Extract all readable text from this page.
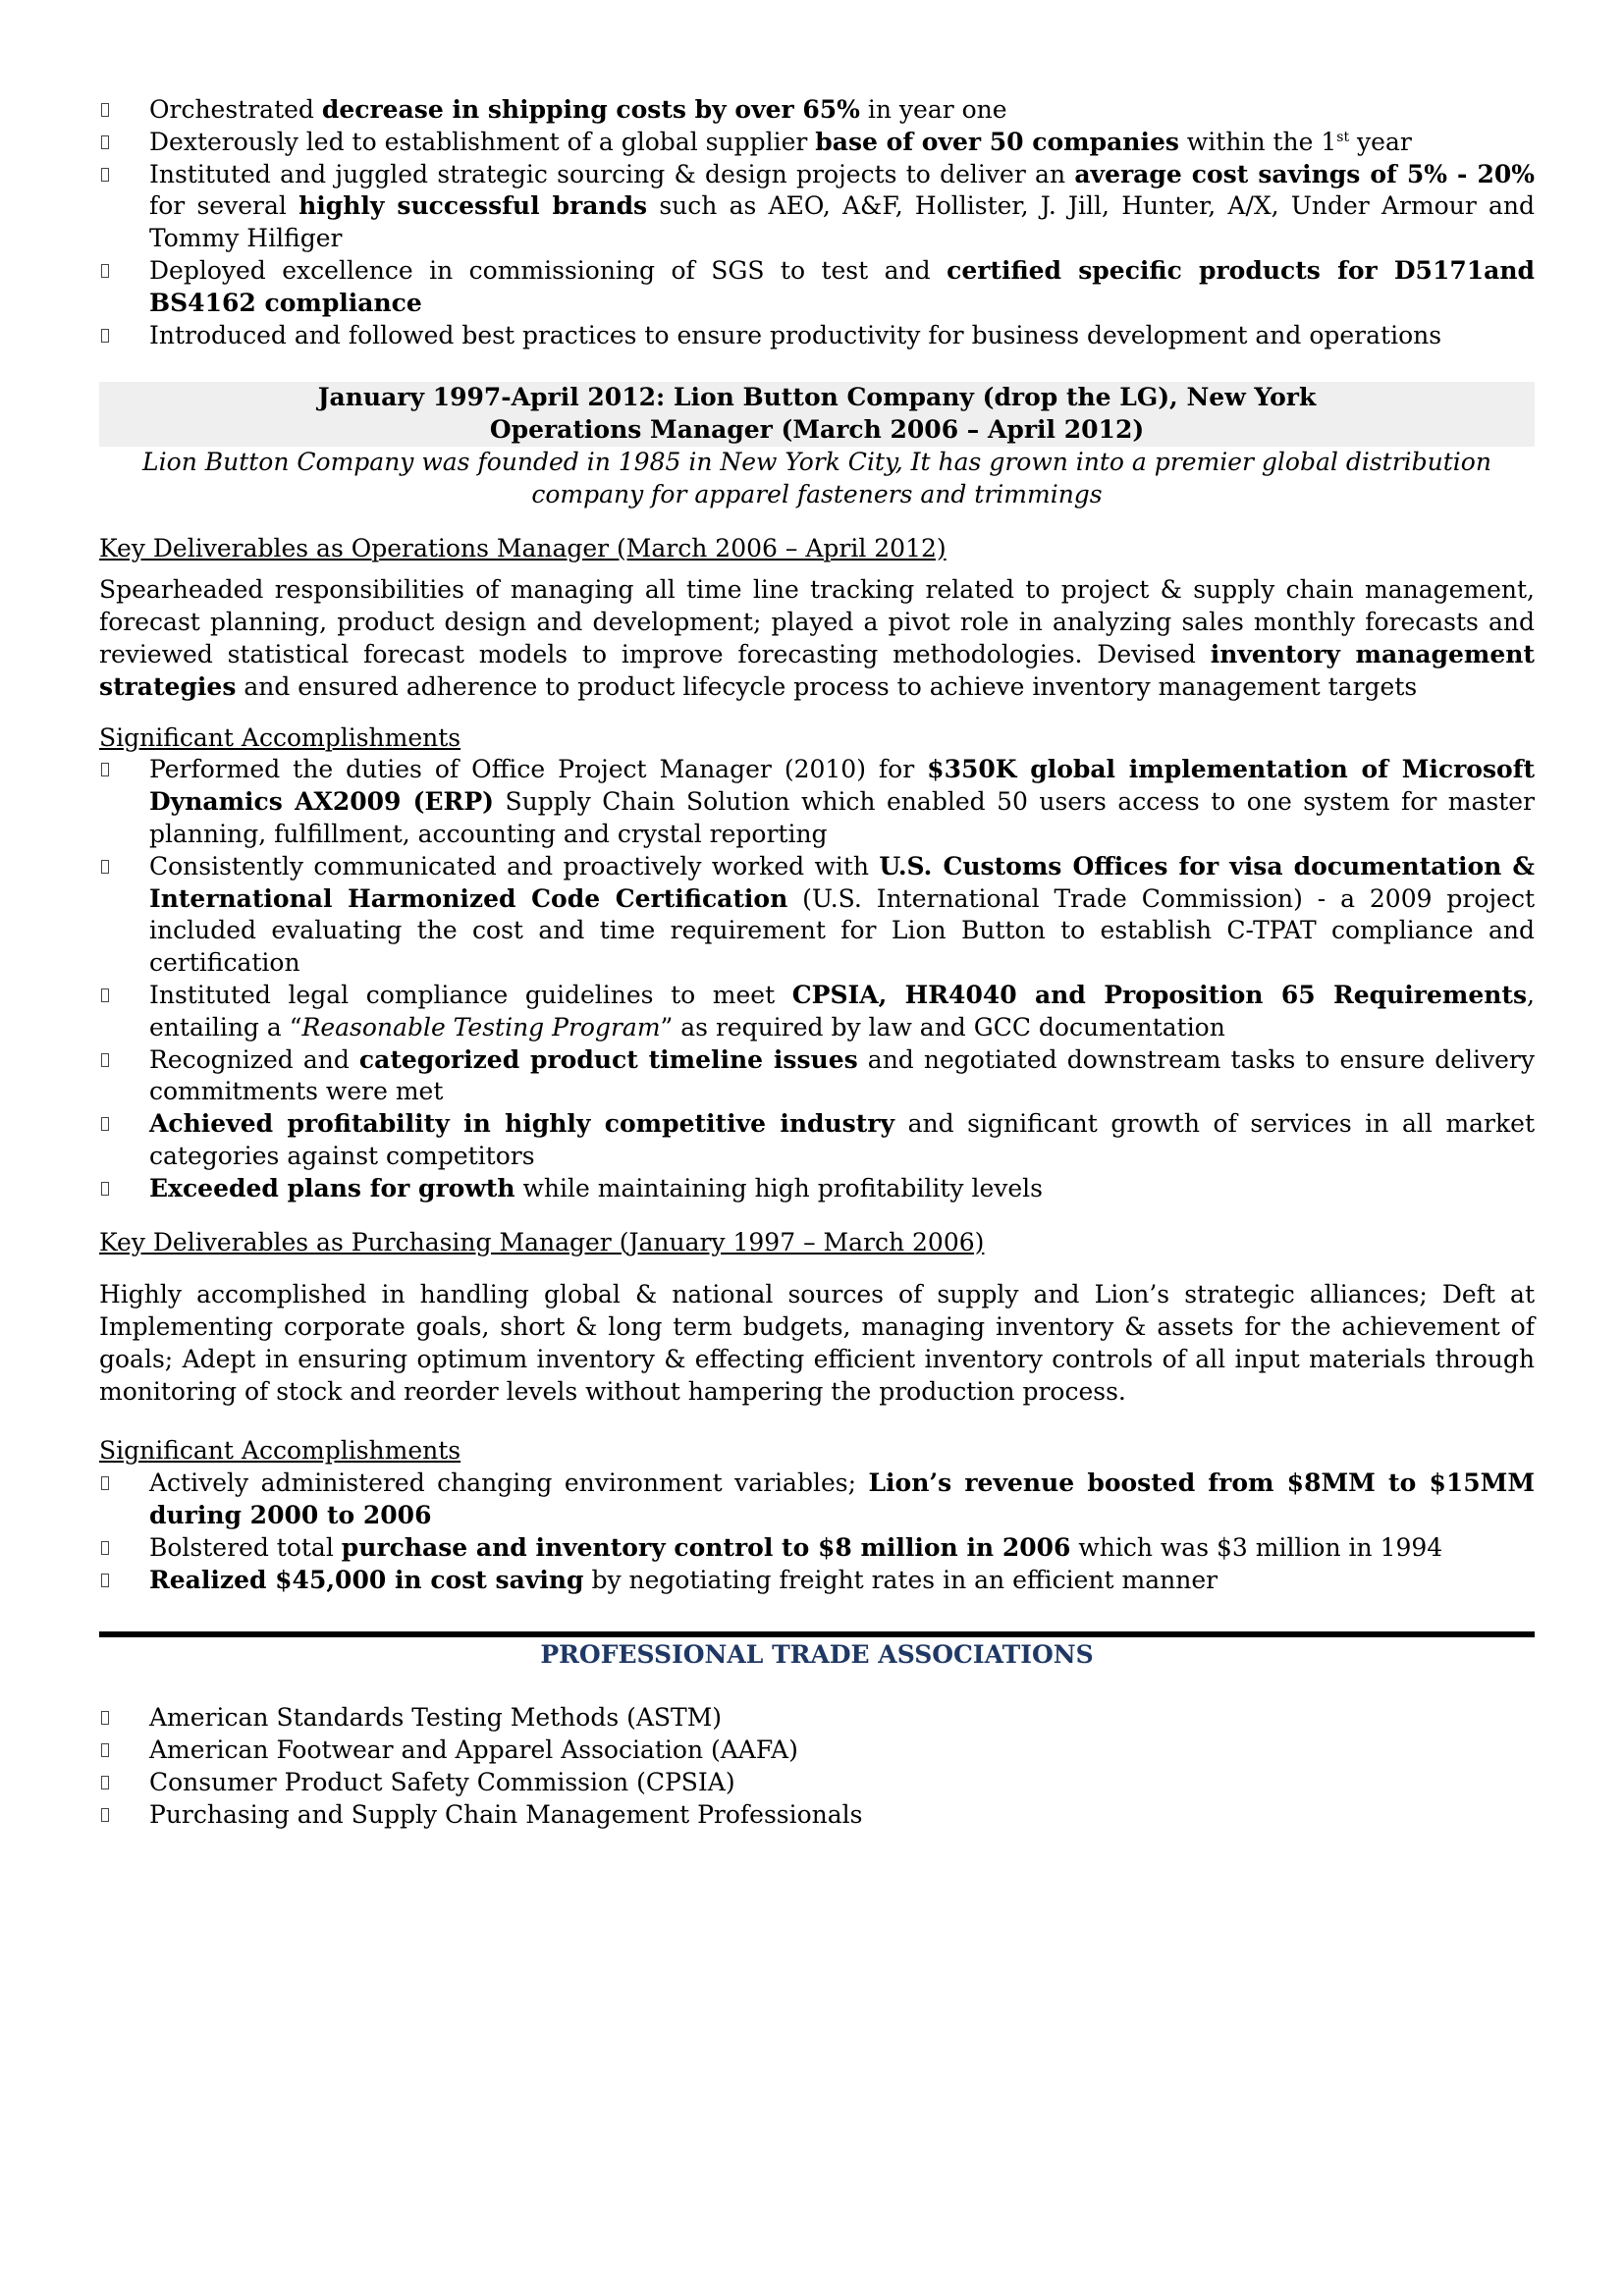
Orchestrated decrease in shipping costs by over 65% in year one
Dexterously led to establishment of a global supplier base of over 50 companies within the 1st year
Instituted and juggled strategic sourcing & design projects to deliver an average cost savings of 5% - 20% for several highly successful brands such as AEO, A&F, Hollister, J. Jill, Hunter, A/X, Under Armour and Tommy Hilfiger
Deployed excellence in commissioning of SGS to test and certified specific products for D5171and BS4162 compliance
Introduced and followed best practices to ensure productivity for business development and operations
January 1997-April 2012: Lion Button Company (drop the LG), New York
Operations Manager (March 2006 – April 2012)
Lion Button Company was founded in 1985 in New York City, It has grown into a premier global distribution company for apparel fasteners and trimmings
Key Deliverables as Operations Manager (March 2006 – April 2012)

Spearheaded responsibilities of managing all time line tracking related to project & supply chain management, forecast planning, product design and development; played a pivot role in analyzing sales monthly forecasts and reviewed statistical forecast models to improve forecasting methodologies. Devised inventory management strategies and ensured adherence to product lifecycle process to achieve inventory management targets

Significant Accomplishments
Performed the duties of Office Project Manager (2010) for $350K global implementation of Microsoft Dynamics AX2009 (ERP) Supply Chain Solution which enabled 50 users access to one system for master planning, fulfillment, accounting and crystal reporting
Consistently communicated and proactively worked with U.S. Customs Offices for visa documentation & International Harmonized Code Certification (U.S. International Trade Commission) - a 2009 project included evaluating the cost and time requirement for Lion Button to establish C-TPAT compliance and certification
Instituted legal compliance guidelines to meet CPSIA, HR4040 and Proposition 65 Requirements, entailing a “Reasonable Testing Program” as required by law and GCC documentation
Recognized and categorized product timeline issues and negotiated downstream tasks to ensure delivery commitments were met
Achieved profitability in highly competitive industry and significant growth of services in all market categories against competitors
Exceeded plans for growth while maintaining high profitability levels
Key Deliverables as Purchasing Manager (January 1997 – March 2006)

Highly accomplished in handling global & national sources of supply and Lion’s strategic alliances; Deft at Implementing corporate goals, short & long term budgets, managing inventory & assets for the achievement of goals; Adept in ensuring optimum inventory & effecting efficient inventory controls of all input materials through monitoring of stock and reorder levels without hampering the production process.

Significant Accomplishments
Actively administered changing environment variables; Lion’s revenue boosted from $8MM to $15MM during 2000 to 2006
Bolstered total purchase and inventory control to $8 million in 2006 which was $3 million in 1994
Realized $45,000 in cost saving by negotiating freight rates in an efficient manner
PROFESSIONAL TRADE ASSOCIATIONS
American Standards Testing Methods (ASTM)
American Footwear and Apparel Association (AAFA)
Consumer Product Safety Commission (CPSIA)
Purchasing and Supply Chain Management Professionals
